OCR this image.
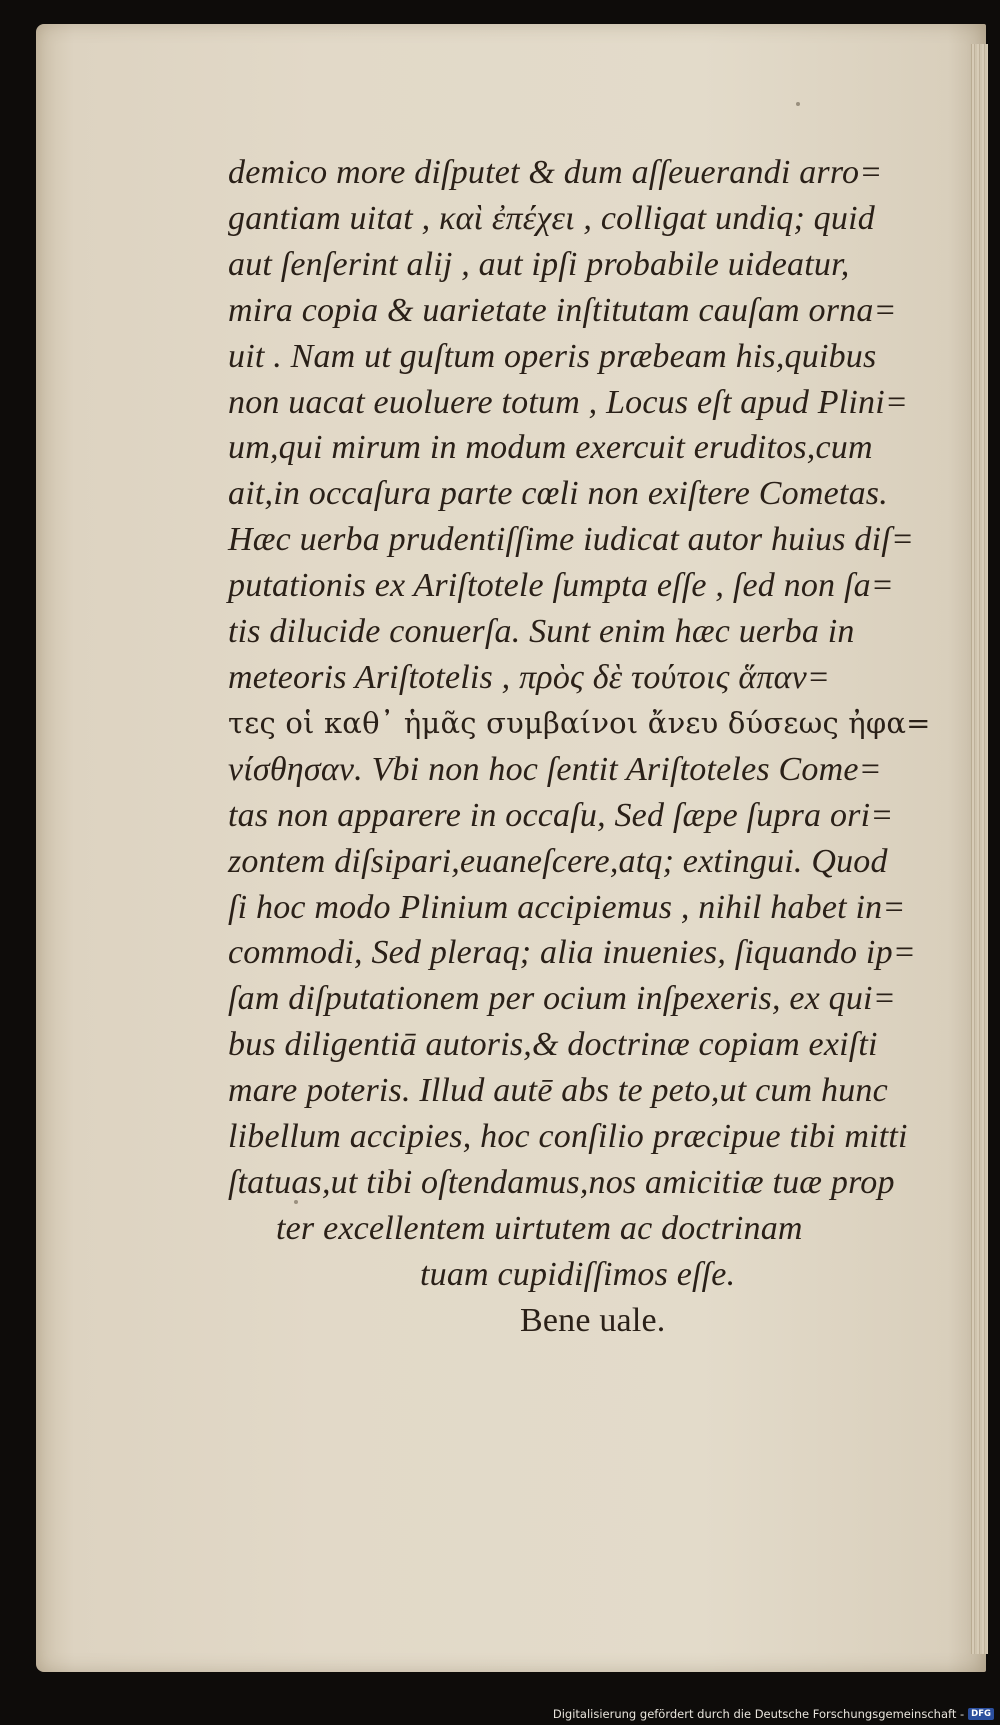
demico more diſputet & dum aſſeuerandi arro=
gantiam uitat , καὶ ἐπέχει , colligat undiq; quid
aut ſenſerint alij , aut ipſi probabile uideatur,
mira copia & uarietate inſtitutam cauſam orna=
uit . Nam ut guſtum operis præbeam his,quibus
non uacat euoluere totum , Locus eſt apud Plini=
um,qui mirum in modum exercuit eruditos,cum
ait,in occaſura parte cœli non exiſtere Cometas.
Hæc uerba prudentiſſime iudicat autor huius diſ=
putationis ex Ariſtotele ſumpta eſſe , ſed non ſa=
tis dilucide conuerſa. Sunt enim hæc uerba in
meteoris Ariſtotelis , πρὸς δὲ τούτοις ἅπαν=
τες οἱ καθ᾽ ἡμᾶς συμβαίνοι ἄνευ δύσεως ἠφα=
νίσθησαν. Vbi non hoc ſentit Ariſtoteles Come=
tas non apparere in occaſu, Sed ſæpe ſupra ori=
zontem diſsipari,euaneſcere,atq; extingui. Quod
ſi hoc modo Plinium accipiemus , nihil habet in=
commodi, Sed pleraq; alia inuenies, ſiquando ip=
ſam diſputationem per ocium inſpexeris, ex qui=
bus diligentiā autoris,& doctrinæ copiam exiſti
mare poteris. Illud autē abs te peto,ut cum hunc
libellum accipies, hoc conſilio præcipue tibi mitti
ſtatuas,ut tibi oſtendamus,nos amicitiæ tuæ prop
ter excellentem uirtutem ac doctrinam
tuam cupidiſſimos eſſe.
Bene uale.
Digitalisierung gefördert durch die Deutsche Forschungsgemeinschaft - DFG
